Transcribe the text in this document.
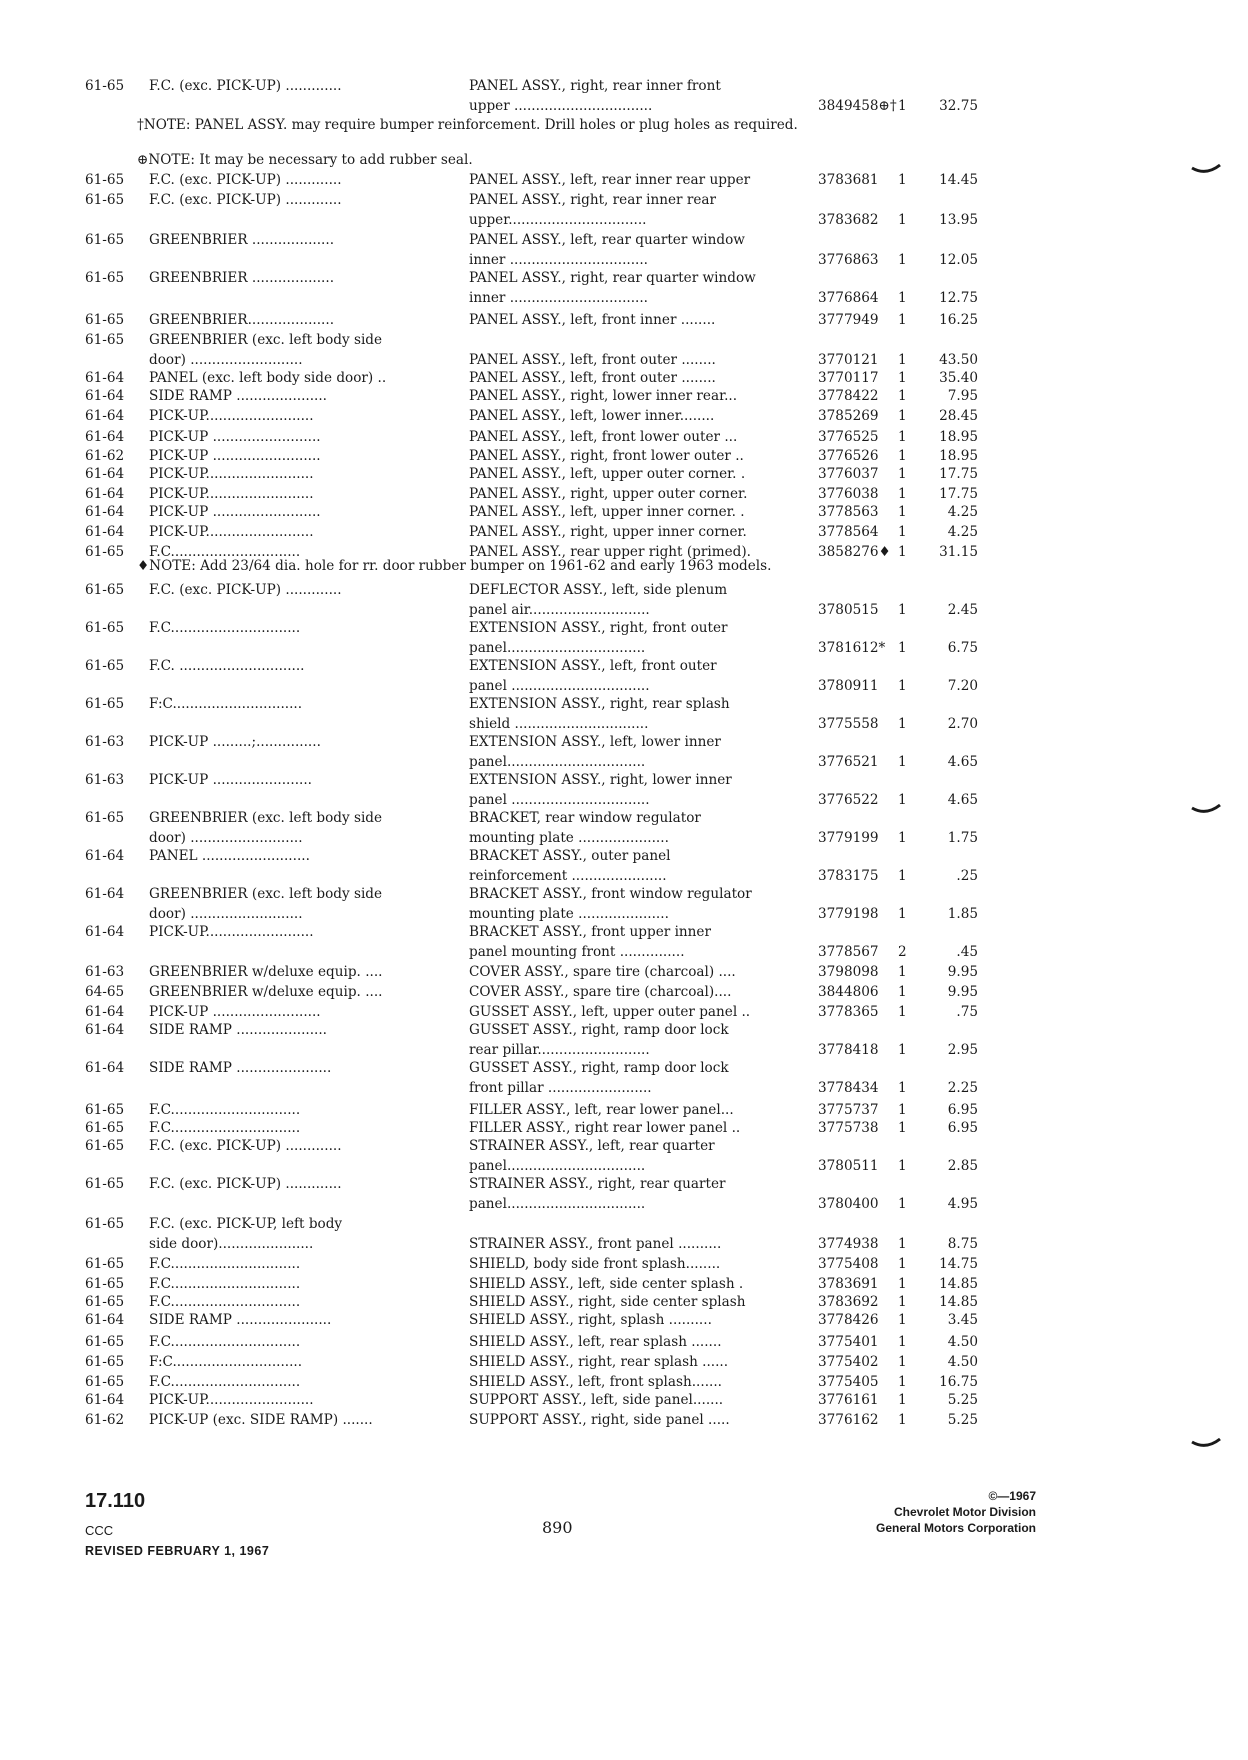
61-65 F.C. (exc. PICK-UP) .............	PANEL ASSY., right, rear inner front
upper ................................	3849458⊕† 1	32.75
61-65 F.C. (exc. PICK-UP) .............	PANEL ASSY., left, rear inner rear upper	3783681 1	14.45
61-65 F.C. (exc. PICK-UP) .............	PANEL ASSY., right, rear inner rear
upper................................	3783682 1	13.95
61-65 GREENBRIER ...................	PANEL ASSY., left, rear quarter window
inner ................................	3776863 1	12.05
61-65 GREENBRIER ...................	PANEL ASSY., right, rear quarter window
inner ................................	3776864 1	12.75
61-65 GREENBRIER....................	PANEL ASSY., left, front inner ........	3777949 1	16.25
61-65 GREENBRIER (exc. left body side
door) ..........................	PANEL ASSY., left, front outer ........	3770121 1	43.50
61-64 PANEL (exc. left body side door) ..	PANEL ASSY., left, front outer ........	3770117 1	35.40
61-64 SIDE RAMP .....................	PANEL ASSY., right, lower inner rear...	3778422 1	7.95
61-64 PICK-UP.........................	PANEL ASSY., left, lower inner........	3785269 1	28.45
61-64 PICK-UP .........................	PANEL ASSY., left, front lower outer ...	3776525 1	18.95
61-62 PICK-UP .........................	PANEL ASSY., right, front lower outer ..	3776526 1	18.95
61-64 PICK-UP.........................	PANEL ASSY., left, upper outer corner. .	3776037 1	17.75
61-64 PICK-UP.........................	PANEL ASSY., right, upper outer corner.	3776038 1	17.75
61-64 PICK-UP .........................	PANEL ASSY., left, upper inner corner. .	3778563 1	4.25
61-64 PICK-UP.........................	PANEL ASSY., right, upper inner corner.	3778564 1	4.25
61-65 F.C..............................	PANEL ASSY., rear upper right (primed).	3858276♦ 1	31.15
61-65 F.C. (exc. PICK-UP) .............	DEFLECTOR ASSY., left, side plenum
panel air............................	3780515 1	2.45
61-65 F.C..............................	EXTENSION ASSY., right, front outer
panel................................	3781612* 1	6.75
61-65 F.C. .............................	EXTENSION ASSY., left, front outer
panel ................................	3780911 1	7.20
61-65 F:C..............................	EXTENSION ASSY., right, rear splash
shield ...............................	3775558 1	2.70
61-63 PICK-UP .........;...............	EXTENSION ASSY., left, lower inner
panel................................	3776521 1	4.65
61-63 PICK-UP .......................	EXTENSION ASSY., right, lower inner
panel ................................	3776522 1	4.65
61-65 GREENBRIER (exc. left body side	BRACKET, rear window regulator
door) ..........................	mounting plate .....................	3779199 1	1.75
61-64 PANEL .........................	BRACKET ASSY., outer panel
reinforcement ......................	3783175 1	.25
61-64 GREENBRIER (exc. left body side	BRACKET ASSY., front window regulator
door) ..........................	mounting plate .....................	3779198 1	1.85
61-64 PICK-UP.........................	BRACKET ASSY., front upper inner
panel mounting front ...............	3778567 2	.45
61-63 GREENBRIER w/deluxe equip. ....	COVER ASSY., spare tire (charcoal) ....	3798098 1	9.95
64-65 GREENBRIER w/deluxe equip. ....	COVER ASSY., spare tire (charcoal)....	3844806 1	9.95
61-64 PICK-UP .........................	GUSSET ASSY., left, upper outer panel ..	3778365 1	.75
61-64 SIDE RAMP .....................	GUSSET ASSY., right, ramp door lock
rear pillar..........................	3778418 1	2.95
61-64 SIDE RAMP ......................	GUSSET ASSY., right, ramp door lock
front pillar ........................	3778434 1	2.25
61-65 F.C..............................	FILLER ASSY., left, rear lower panel...	3775737 1	6.95
61-65 F.C..............................	FILLER ASSY., right rear lower panel ..	3775738 1	6.95
61-65 F.C. (exc. PICK-UP) .............	STRAINER ASSY., left, rear quarter
panel................................	3780511 1	2.85
61-65 F.C. (exc. PICK-UP) .............	STRAINER ASSY., right, rear quarter
panel................................	3780400 1	4.95
61-65 F.C. (exc. PICK-UP, left body
side door)......................	STRAINER ASSY., front panel ..........	3774938 1	8.75
61-65 F.C..............................	SHIELD, body side front splash........	3775408 1	14.75
61-65 F.C..............................	SHIELD ASSY., left, side center splash .	3783691 1	14.85
61-65 F.C..............................	SHIELD ASSY., right, side center splash	3783692 1	14.85
61-64 SIDE RAMP ......................	SHIELD ASSY., right, splash ..........	3778426 1	3.45
61-65 F.C..............................	SHIELD ASSY., left, rear splash .......	3775401 1	4.50
61-65 F:C..............................	SHIELD ASSY., right, rear splash ......	3775402 1	4.50
61-65 F.C..............................	SHIELD ASSY., left, front splash.......	3775405 1	16.75
61-64 PICK-UP.........................	SUPPORT ASSY., left, side panel.......	3776161 1	5.25
61-62 PICK-UP (exc. SIDE RAMP) .......	SUPPORT ASSY., right, side panel .....	3776162 1	5.25
†NOTE: PANEL ASSY. may require bumper reinforcement. Drill holes or plug holes as required.
⊕NOTE: It may be necessary to add rubber seal.
♦NOTE: Add 23/64 dia. hole for rr. door rubber bumper on 1961-62 and early 1963 models.
17.110
CCC
REVISED FEBRUARY 1, 1967
890
©—1967
Chevrolet Motor Division
General Motors Corporation
